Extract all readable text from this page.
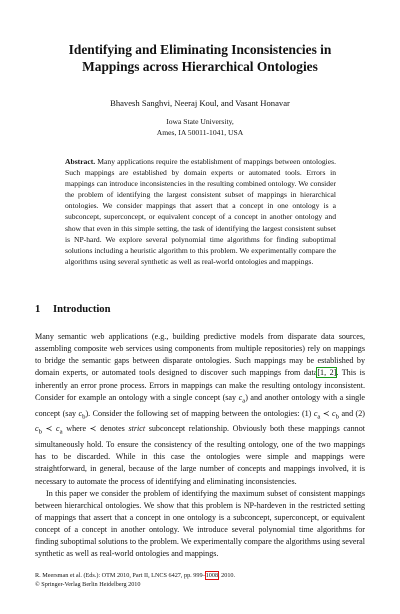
Identifying and Eliminating Inconsistencies in
Mappings across Hierarchical Ontologies
Bhavesh Sanghvi, Neeraj Koul, and Vasant Honavar
Iowa State University,
Ames, IA 50011-1041, USA
Abstract. Many applications require the establishment of mappings between ontologies. Such mappings are established by domain experts or automated tools. Errors in mappings can introduce inconsistencies in the resulting combined ontology. We consider the problem of identifying the largest consistent subset of mappings in hierarchical ontologies. We consider mappings that assert that a concept in one ontology is a subconcept, superconcept, or equivalent concept of a concept in another ontology and show that even in this simple setting, the task of identifying the largest consistent subset is NP-hard. We explore several polynomial time algorithms for finding suboptimal solutions including a heuristic algorithm to this problem. We experimentally compare the algorithms using several synthetic as well as real-world ontologies and mappings.
1 Introduction

Many semantic web applications (e.g., building predictive models from disparate data sources, assembling composite web services using components from multiple repositories) rely on mappings to bridge the semantic gaps between disparate ontologies. Such mappings may be established by domain experts, or automated tools designed to discover such mappings from data[1, 2]. This is inherently an error prone process. Errors in mappings can make the resulting ontology inconsistent. Consider for example an ontology with a single concept (say $c_a$) and another ontology with a single concept (say $c_b$). Consider the following set of mapping between the ontologies: (1) $c_a$ ≺ $c_b$ and (2) $c_b$ ≺ $c_a$ where ≺ denotes strict subconcept relationship. Obviously both these mappings cannot simultaneously hold. To ensure the consistency of the resulting ontology, one of the two mappings has to be discarded. While in this case the ontologies were simple and mappings were straightforward, in general, because of the large number of concepts and mappings involved, it is necessary to automate the process of identifying and eliminating inconsistencies.

In this paper we consider the problem of identifying the maximum subset of consistent mappings between hierarchical ontologies. We show that this problem is NP-hardeven in the restricted setting of mappings that assert that a concept in one ontology is a subconcept, superconcept, or equivalent concept of a concept in another ontology. We introduce several polynomial time algorithms for finding suboptimal solutions to the problem. We experimentally compare the algorithms using several synthetic as well as real-world ontologies and mappings.

R. Meersman et al. (Eds.): OTM 2010, Part II, LNCS 6427, pp. 999–1008, 2010.
© Springer-Verlag Berlin Heidelberg 2010
